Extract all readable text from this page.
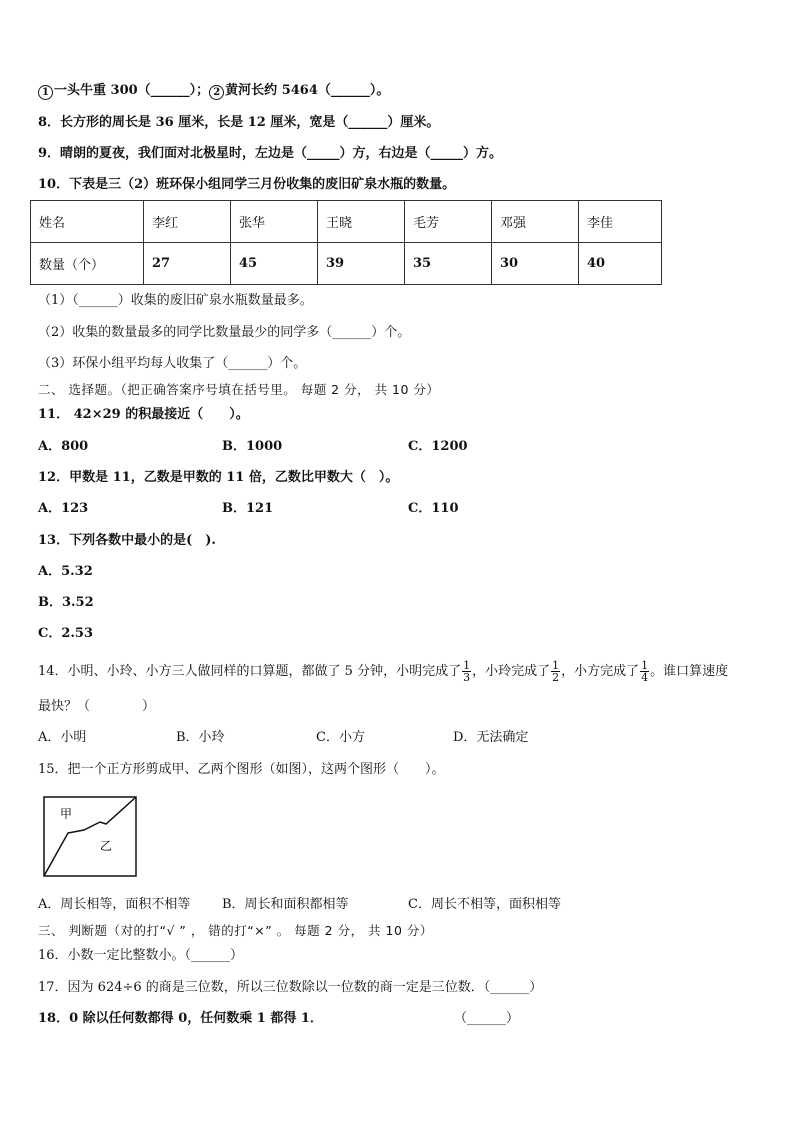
1 一头牛重 300（______）； 2 黄河长约 5464（______）。
8．长方形的周长是 36 厘米，长是 12 厘米，宽是（______）厘米。
9．晴朗的夏夜，我们面对北极星时，左边是（_____）方，右边是（_____）方。
10．下表是三（2）班环保小组同学三月份收集的废旧矿泉水瓶的数量。
姓名	李红	张华	王晓	毛芳	邓强	李佳
数量（个）	27	45	39	35	30	40
（1）（______）收集的废旧矿泉水瓶数量最多。
（2）收集的数量最多的同学比数量最少的同学多（______）个。
（3）环保小组平均每人收集了（______）个。
二、 选择题。（把正确答案序号填在括号里。 每题 2 分， 共 10 分）
11． 42×29 的积最接近（　　）。
A．800	B．1000	C．1200
12．甲数是 11，乙数是甲数的 11 倍，乙数比甲数大（　）。
A．123	B．121	C．110
13．下列各数中最小的是(　).
A．5.32
B．3.52
C．2.53
14．小明、小玲、小方三人做同样的口算题，都做了 5 分钟，小明完成了 $\frac{1}{3}$ ，小玲完成了 $\frac{1}{2}$ ，小方完成了 $\frac{1}{4}$ 。谁口算速度
最快？（　　　　）
A．小明	B．小玲	C．小方	D．无法确定
15．把一个正方形剪成甲、乙两个图形（如图），这两个图形（　　）。
甲
乙
A．周长相等，面积不相等 B．周长和面积都相等	C．周长不相等，面积相等
三、 判断题（对的打“√ ” ， 错的打“×” 。 每题 2 分， 共 10 分）
16．小数一定比整数小。（______）
17．因为 624÷6 的商是三位数，所以三位数除以一位数的商一定是三位数．（______）
18．0 除以任何数都得 0，任何数乘 1 都得 1．	（______）
